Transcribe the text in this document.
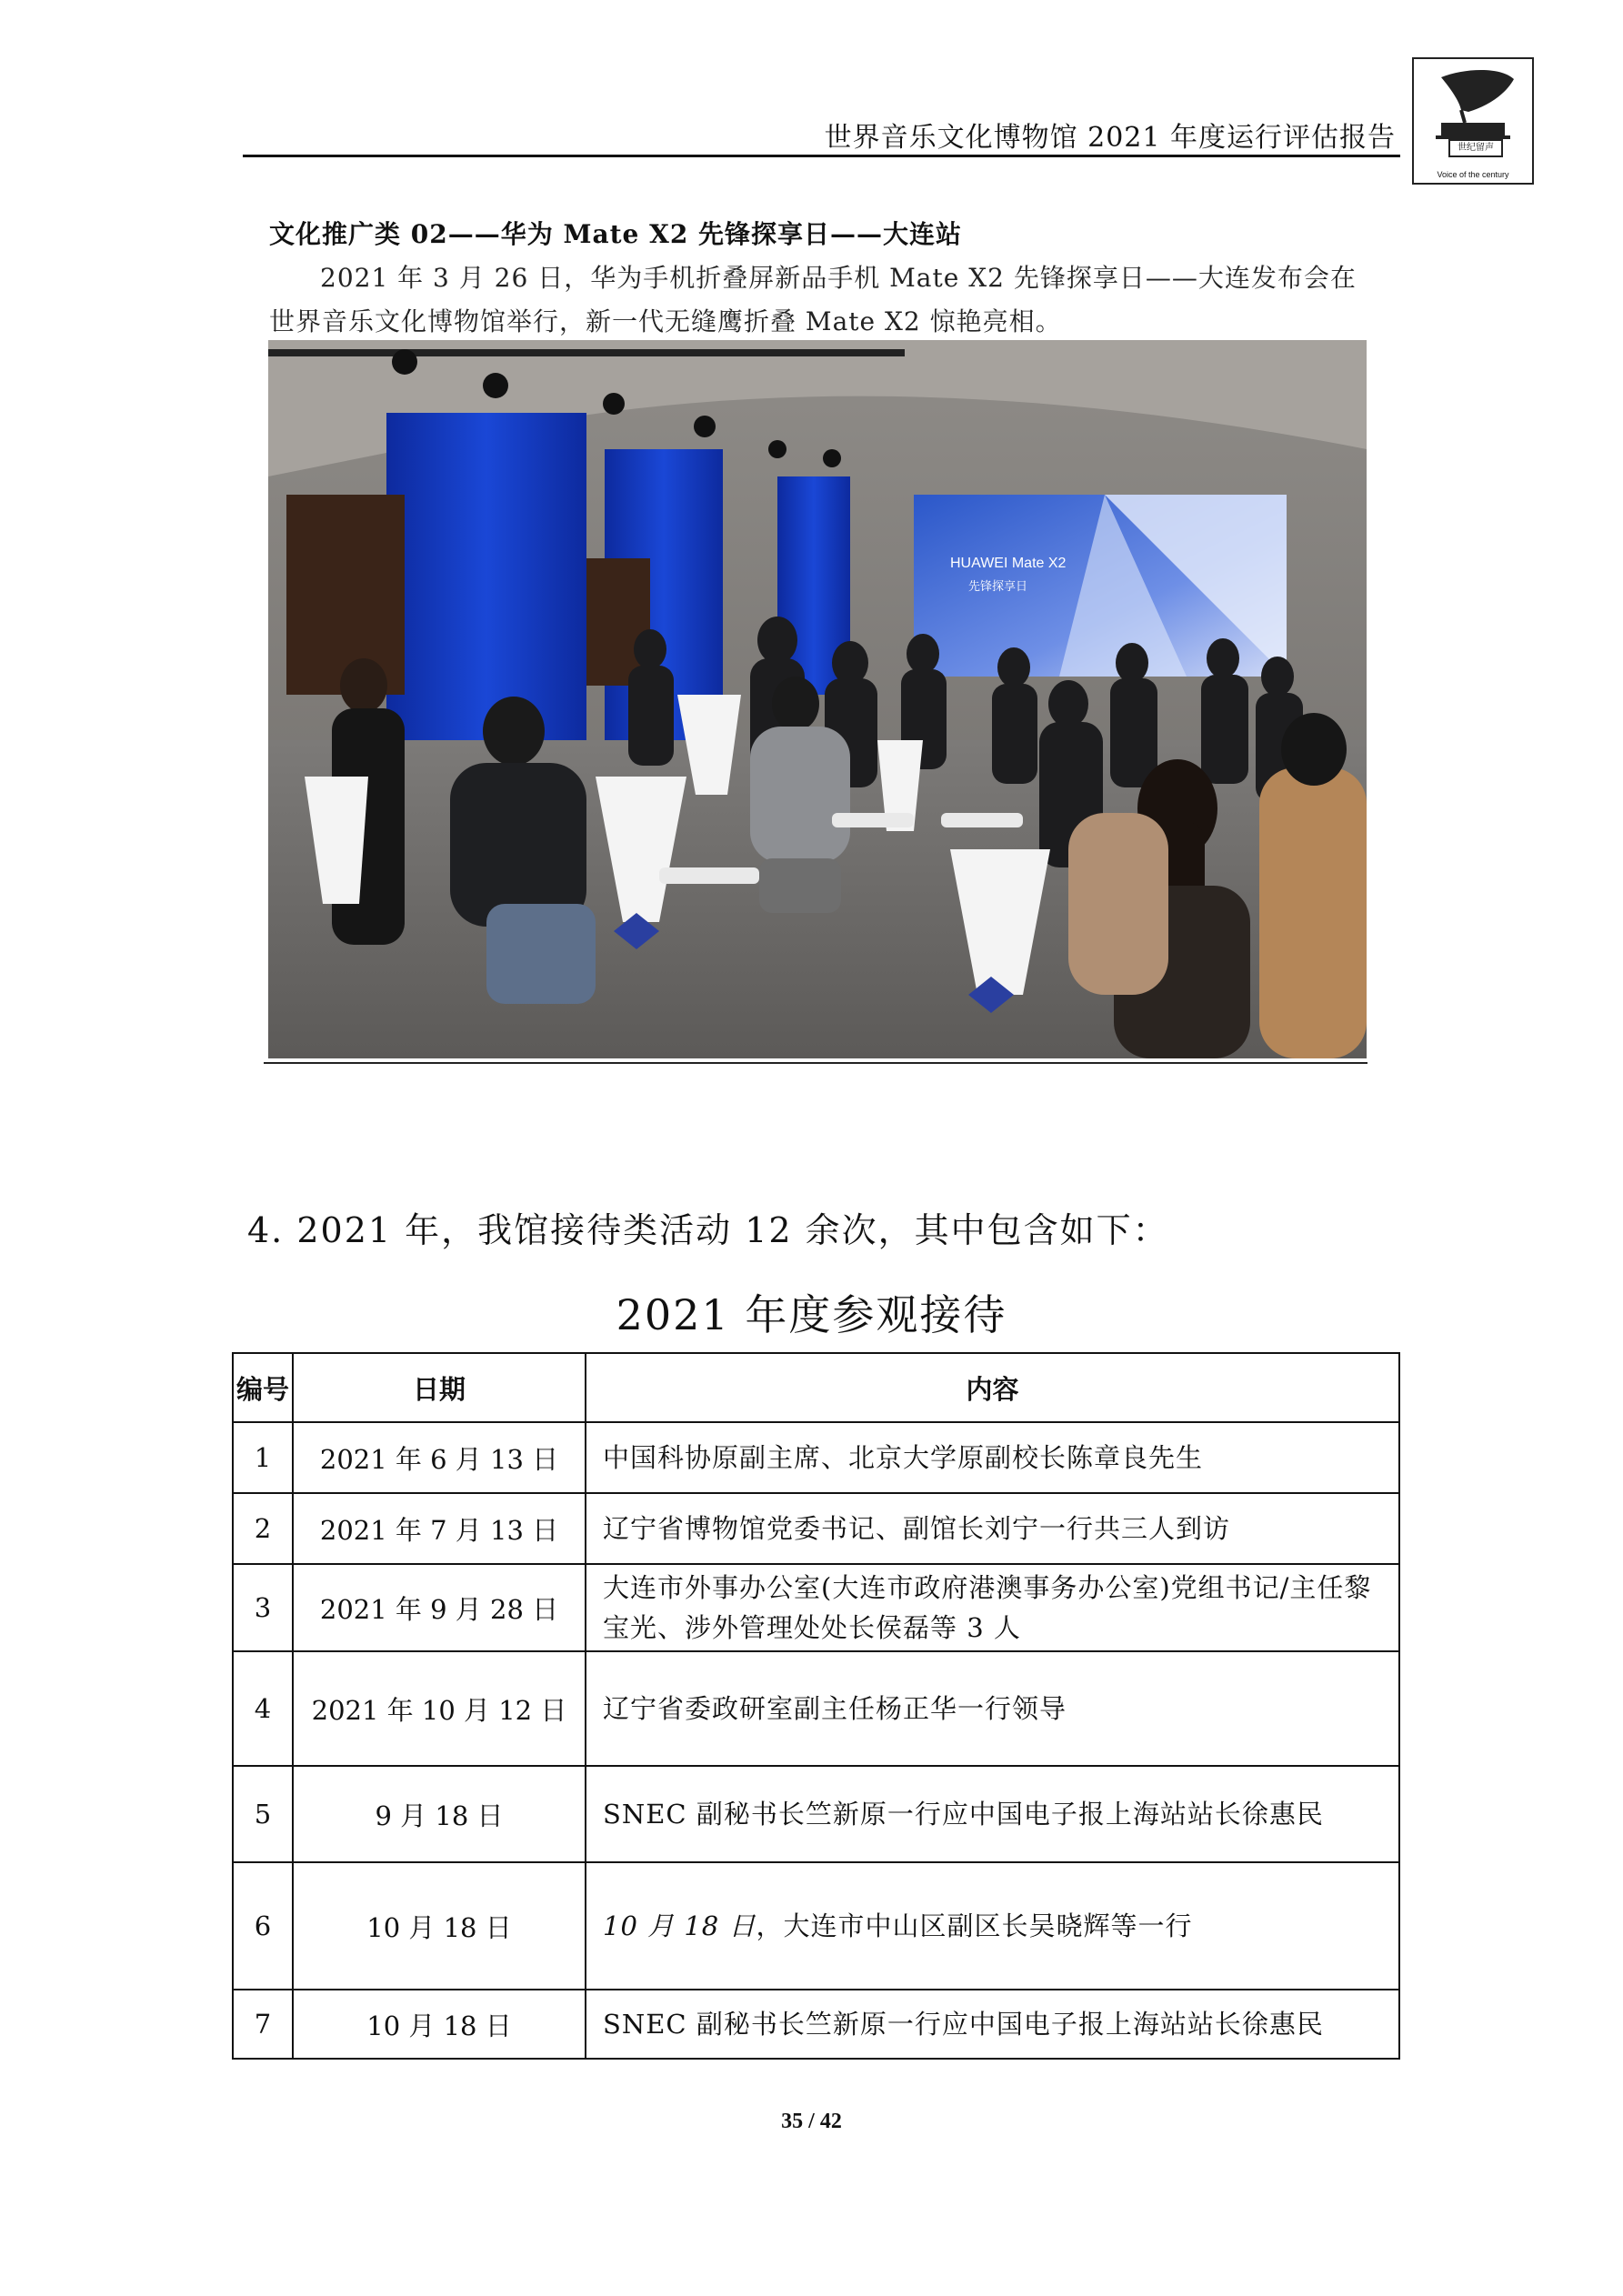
世界音乐文化博物馆 2021 年度运行评估报告	世纪留声
Voice of the century
文化推广类 02——华为 Mate X2 先锋探享日——大连站
2021 年 3 月 26 日，华为手机折叠屏新品手机 Mate X2 先锋探享日——大连发布会在世界音乐文化博物馆举行，新一代无缝鹰折叠 Mate X2 惊艳亮相。
HUAWEI Mate X2
先锋探享日
4. 2021 年，我馆接待类活动 12 余次，其中包含如下：
2021 年度参观接待
编号	日期	内容
1	2021 年 6 月 13 日	中国科协原副主席、北京大学原副校长陈章良先生
2	2021 年 7 月 13 日	辽宁省博物馆党委书记、副馆长刘宁一行共三人到访
3	2021 年 9 月 28 日	大连市外事办公室(大连市政府港澳事务办公室)党组书记/主任黎宝光、涉外管理处处长侯磊等 3 人
4	2021 年 10 月 12 日	辽宁省委政研室副主任杨正华一行领导
5	9 月 18 日	SNEC 副秘书长竺新原一行应中国电子报上海站站长徐惠民
6	10 月 18 日	10 月 18 日，大连市中山区副区长吴晓辉等一行
7	10 月 18 日	SNEC 副秘书长竺新原一行应中国电子报上海站站长徐惠民
35 / 42
